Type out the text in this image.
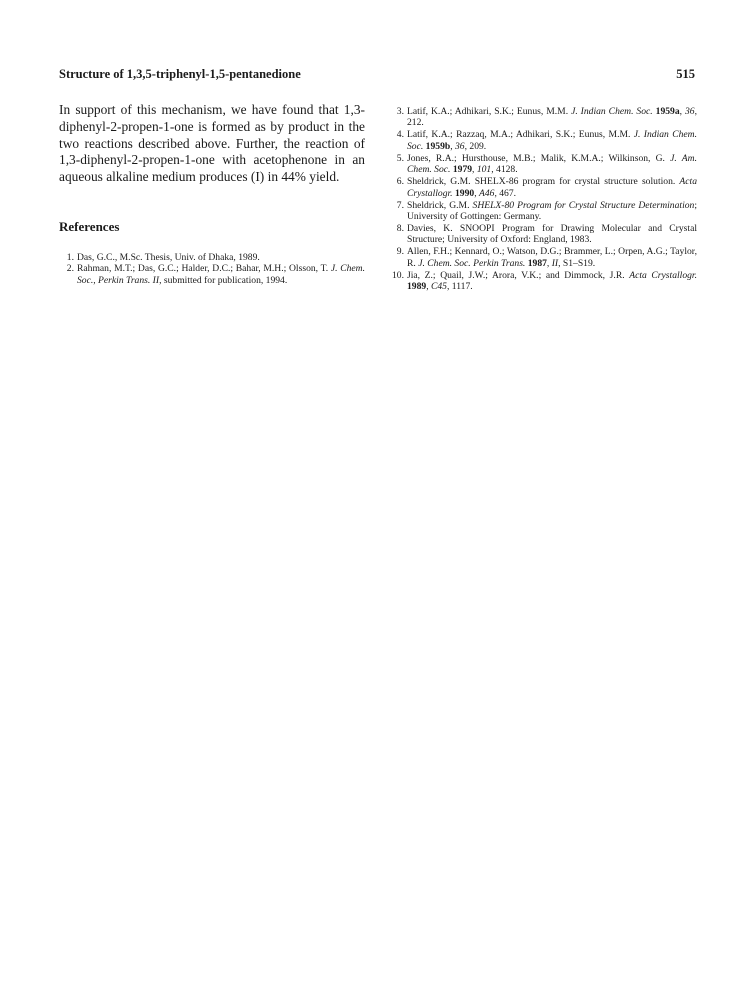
Structure of 1,3,5-triphenyl-1,5-pentanedione	515

In support of this mechanism, we have found that 1,3-diphenyl-2-propen-1-one is formed as by product in the two reactions described above. Further, the reaction of 1,3-diphenyl-2-propen-1-one with acetophenone in an aqueous alkaline medium produces (I) in 44% yield.

References
1. Das, G.C., M.Sc. Thesis, Univ. of Dhaka, 1989.
2. Rahman, M.T.; Das, G.C.; Halder, D.C.; Bahar, M.H.; Olsson, T. J. Chem. Soc., Perkin Trans. II, submitted for publication, 1994.
3. Latif, K.A.; Adhikari, S.K.; Eunus, M.M. J. Indian Chem. Soc. 1959a, 36, 212.
4. Latif, K.A.; Razzaq, M.A.; Adhikari, S.K.; Eunus, M.M. J. Indian Chem. Soc. 1959b, 36, 209.
5. Jones, R.A.; Hursthouse, M.B.; Malik, K.M.A.; Wilkinson, G. J. Am. Chem. Soc. 1979, 101, 4128.
6. Sheldrick, G.M. SHELX-86 program for crystal structure solution. Acta Crystallogr. 1990, A46, 467.
7. Sheldrick, G.M. SHELX-80 Program for Crystal Structure Determination; University of Gottingen: Germany.
8. Davies, K. SNOOPI Program for Drawing Molecular and Crystal Structure; University of Oxford: England, 1983.
9. Allen, F.H.; Kennard, O.; Watson, D.G.; Brammer, L.; Orpen, A.G.; Taylor, R. J. Chem. Soc. Perkin Trans. 1987, II, S1–S19.
10. Jia, Z.; Quail, J.W.; Arora, V.K.; and Dimmock, J.R. Acta Crystallogr. 1989, C45, 1117.
